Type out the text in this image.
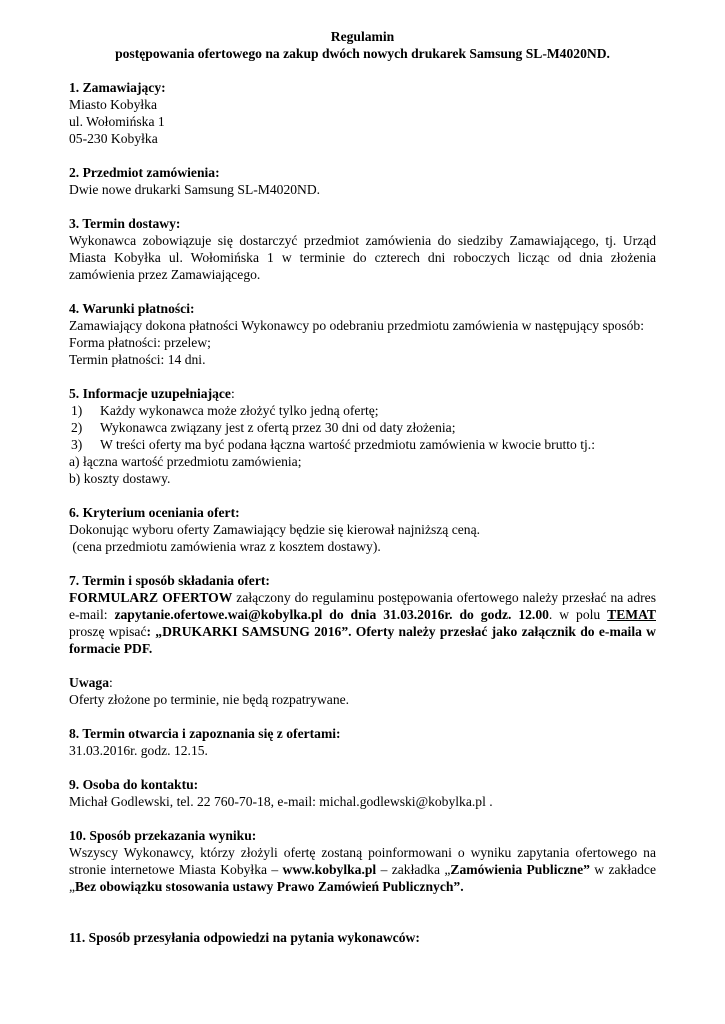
Regulamin

postępowania ofertowego na zakup dwóch nowych drukarek Samsung SL-M4020ND.

1. Zamawiający:

Miasto Kobyłka

ul. Wołomińska 1

05-230 Kobyłka

2. Przedmiot zamówienia:

Dwie nowe drukarki Samsung SL-M4020ND.

3. Termin dostawy:

Wykonawca zobowiązuje się dostarczyć przedmiot zamówienia do siedziby Zamawiającego, tj. Urząd Miasta Kobyłka ul. Wołomińska 1 w terminie do czterech dni roboczych licząc od dnia złożenia zamówienia przez Zamawiającego.

4. Warunki płatności:

Zamawiający dokona płatności Wykonawcy po odebraniu przedmiotu zamówienia w następujący sposób:

Forma płatności: przelew;

Termin płatności: 14 dni.

5. Informacje uzupełniające:

1)	Każdy wykonawca może złożyć tylko jedną ofertę;
2)	Wykonawca związany jest z ofertą przez 30 dni od daty złożenia;
3)	W treści oferty ma być podana łączna wartość przedmiotu zamówienia w kwocie brutto tj.:

a) łączna wartość przedmiotu zamówienia;

b) koszty dostawy.

6. Kryterium oceniania ofert:

Dokonując wyboru oferty Zamawiający będzie się kierował najniższą ceną.

(cena przedmiotu zamówienia wraz z kosztem dostawy).

7. Termin i sposób składania ofert:

FORMULARZ OFERTOW załączony do regulaminu postępowania ofertowego należy przesłać na adres e-mail: zapytanie.ofertowe.wai@kobylka.pl do dnia 31.03.2016r. do godz. 12.00. w polu TEMAT proszę wpisać: „DRUKARKI SAMSUNG 2016”. Oferty należy przesłać jako załącznik do e-maila w formacie PDF.

Uwaga:

Oferty złożone po terminie, nie będą rozpatrywane.

8. Termin otwarcia i zapoznania się z ofertami:

31.03.2016r. godz. 12.15.

9. Osoba do kontaktu:

Michał Godlewski, tel. 22 760-70-18, e-mail: michal.godlewski@kobylka.pl .

10. Sposób przekazania wyniku:

Wszyscy Wykonawcy, którzy złożyli ofertę zostaną poinformowani o wyniku zapytania ofertowego na stronie internetowe Miasta Kobyłka – www.kobylka.pl – zakładka „Zamówienia Publiczne” w zakładce „Bez obowiązku stosowania ustawy Prawo Zamówień Publicznych”.

11. Sposób przesyłania odpowiedzi na pytania wykonawców:
